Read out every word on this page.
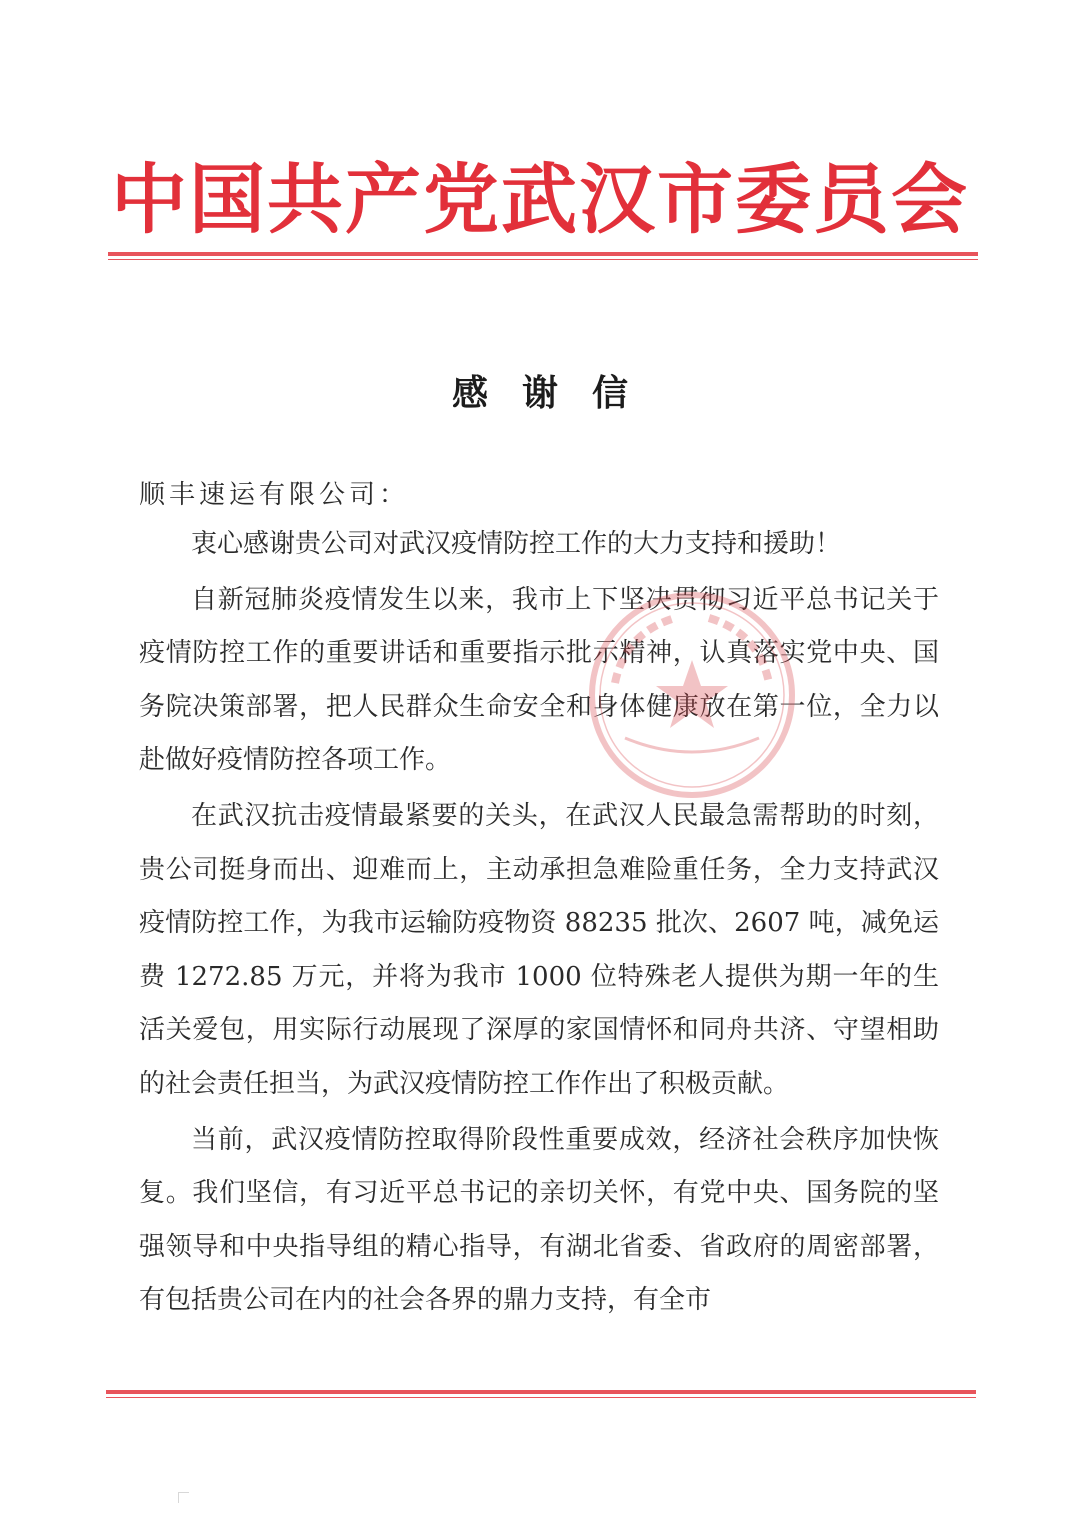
中国共产党武汉市委员会
感谢信
顺丰速运有限公司：

衷心感谢贵公司对武汉疫情防控工作的大力支持和援助！

自新冠肺炎疫情发生以来，我市上下坚决贯彻习近平总书记关于疫情防控工作的重要讲话和重要指示批示精神，认真落实党中央、国务院决策部署，把人民群众生命安全和身体健康放在第一位，全力以赴做好疫情防控各项工作。

在武汉抗击疫情最紧要的关头，在武汉人民最急需帮助的时刻，贵公司挺身而出、迎难而上，主动承担急难险重任务，全力支持武汉疫情防控工作，为我市运输防疫物资 88235 批次、2607 吨，减免运费 1272.85 万元，并将为我市 1000 位特殊老人提供为期一年的生活关爱包，用实际行动展现了深厚的家国情怀和同舟共济、守望相助的社会责任担当，为武汉疫情防控工作作出了积极贡献。

当前，武汉疫情防控取得阶段性重要成效，经济社会秩序加快恢复。我们坚信，有习近平总书记的亲切关怀，有党中央、国务院的坚强领导和中央指导组的精心指导，有湖北省委、省政府的周密部署，有包括贵公司在内的社会各界的鼎力支持，有全市
